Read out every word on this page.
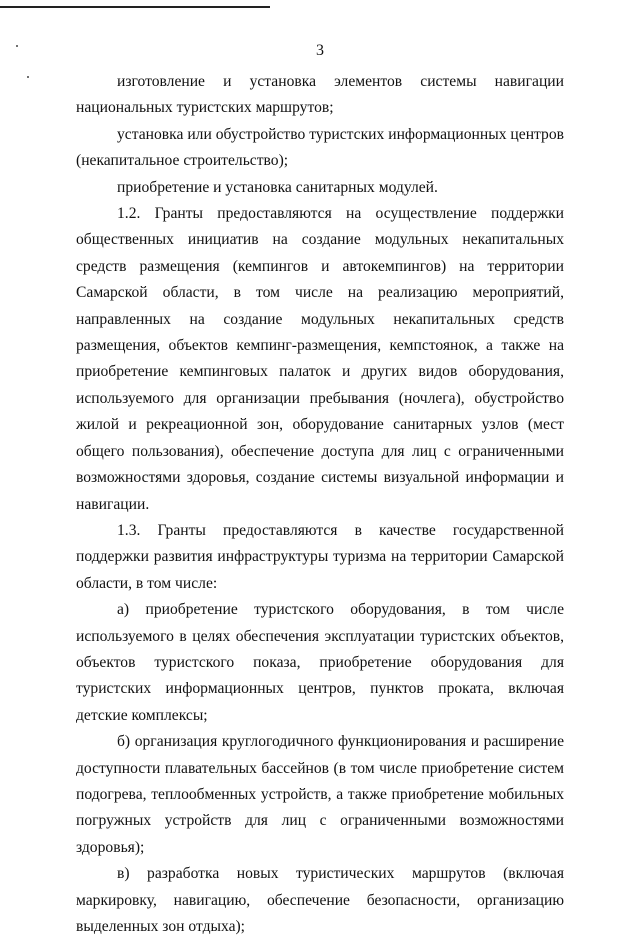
3

изготовление и установка элементов системы навигации национальных туристских маршрутов;

установка или обустройство туристских информационных центров (некапитальное строительство);

приобретение и установка санитарных модулей.

1.2. Гранты предоставляются на осуществление поддержки общественных инициатив на создание модульных некапитальных средств размещения (кемпингов и автокемпингов) на территории Самарской области, в том числе на реализацию мероприятий, направленных на создание модульных некапитальных средств размещения, объектов кемпинг-размещения, кемпстоянок, а также на приобретение кемпинговых палаток и других видов оборудования, используемого для организации пребывания (ночлега), обустройство жилой и рекреационной зон, оборудование санитарных узлов (мест общего пользования), обеспечение доступа для лиц с ограниченными возможностями здоровья, создание системы визуальной информации и навигации.

1.3. Гранты предоставляются в качестве государственной поддержки развития инфраструктуры туризма на территории Самарской области, в том числе:

а) приобретение туристского оборудования, в том числе используемого в целях обеспечения эксплуатации туристских объектов, объектов туристского показа, приобретение оборудования для туристских информационных центров, пунктов проката, включая детские комплексы;

б) организация круглогодичного функционирования и расширение доступности плавательных бассейнов (в том числе приобретение систем подогрева, теплообменных устройств, а также приобретение мобильных погружных устройств для лиц с ограниченными возможностями здоровья);

в) разработка новых туристических маршрутов (включая маркировку, навигацию, обеспечение безопасности, организацию выделенных зон отдыха);
